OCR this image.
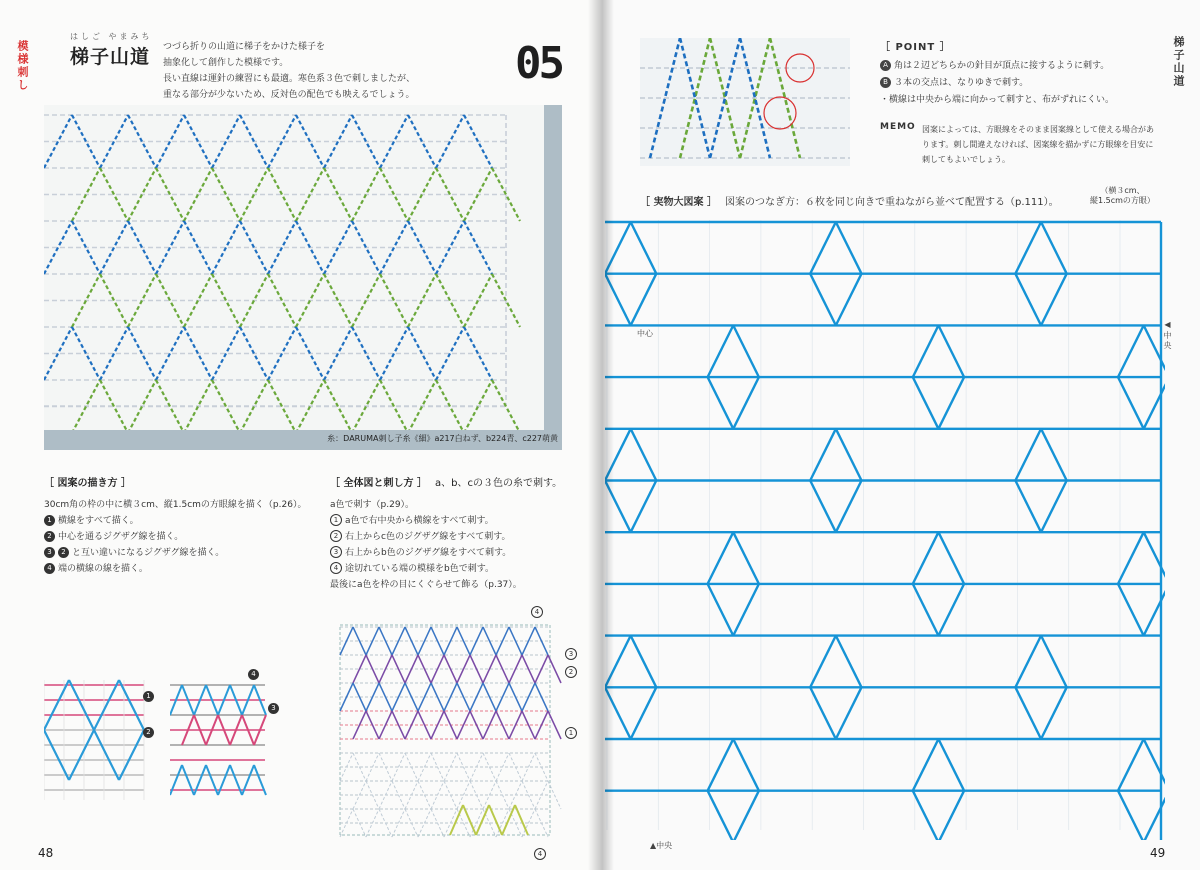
模様刺し
はしご やまみち
梯子山道 つづら折りの山道に梯子をかけた様子を
抽象化して創作した模様です。
長い直線は運針の練習にも最適。寒色系３色で刺しましたが、
重なる部分が少ないため、反対色の配色でも映えるでしょう。
05
糸：DARUMA刺し子糸《細》a217白ねず、b224青、c227萌黄
［ 図案の描き方 ］
30cm角の枠の中に横３cm、縦1.5cmの方眼線を描く（p.26）。
1 横線をすべて描く。
2 中心を通るジグザグ線を描く。
3 2 と互い違いになるジグザグ線を描く。
4 端の横線の線を描く。
［ 全体図と刺し方 ］ a、b、cの３色の糸で刺す。
a色で刺す（p.29）。
1 a色で右中央から横線をすべて刺す。
2 右上からc色のジグザグ線をすべて刺す。
3 右上からb色のジグザグ線をすべて刺す。
4 途切れている端の模様をb色で刺す。
最後にa色を枠の目にくぐらせて飾る（p.37）。
1
2
4
3
4
3
2
1
4
48
梯子山道
［ POINT ］
A 角は２辺どちらかの針目が頂点に接するように刺す。
B ３本の交点は、なりゆきで刺す。
・横線は中央から端に向かって刺すと、布がずれにくい。
MEMO 図案によっては、方眼線をそのまま図案線として使える場合があります。刺し間違えなければ、図案線を描かずに方眼線を目安に刺してもよいでしょう。
［ 実物大図案 ］ 図案のつなぎ方：６枚を同じ向きで重ねながら並べて配置する（p.111）。
（横３cm、
縦1.5cmの方眼）
中心	◀中央
▲中央
49
